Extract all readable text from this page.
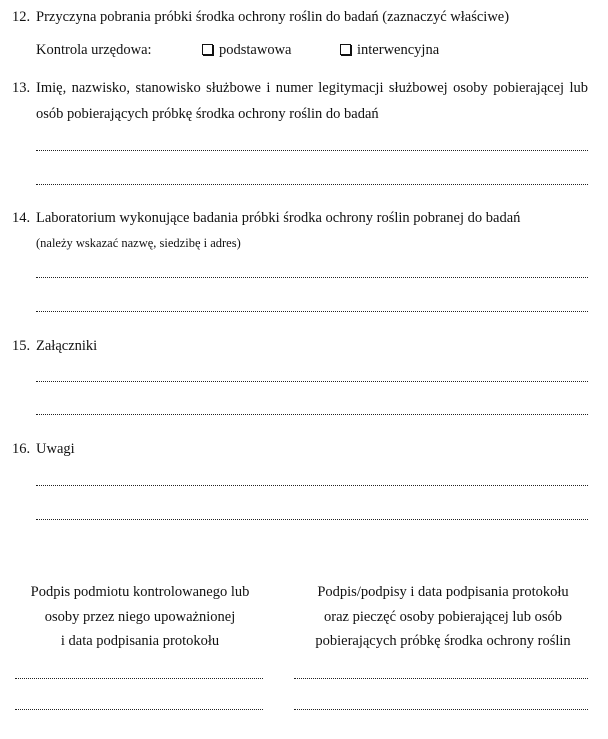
12. Przyczyna pobrania próbki środka ochrony roślin do badań (zaznaczyć właściwe)
Kontrola urzędowa:	podstawowa	interwencyjna
13. Imię, nazwisko, stanowisko służbowe i numer legitymacji służbowej osoby pobierającej lub
osób pobierających próbkę środka ochrony roślin do badań
14. Laboratorium wykonujące badania próbki środka ochrony roślin pobranej do badań
(należy wskazać nazwę, siedzibę i adres)
15. Załączniki
16. Uwagi
Podpis podmiotu kontrolowanego lub
osoby przez niego upoważnionej
i data podpisania protokołu
Podpis/podpisy i data podpisania protokołu
oraz pieczęć osoby pobierającej lub osób
pobierających próbkę środka ochrony roślin
